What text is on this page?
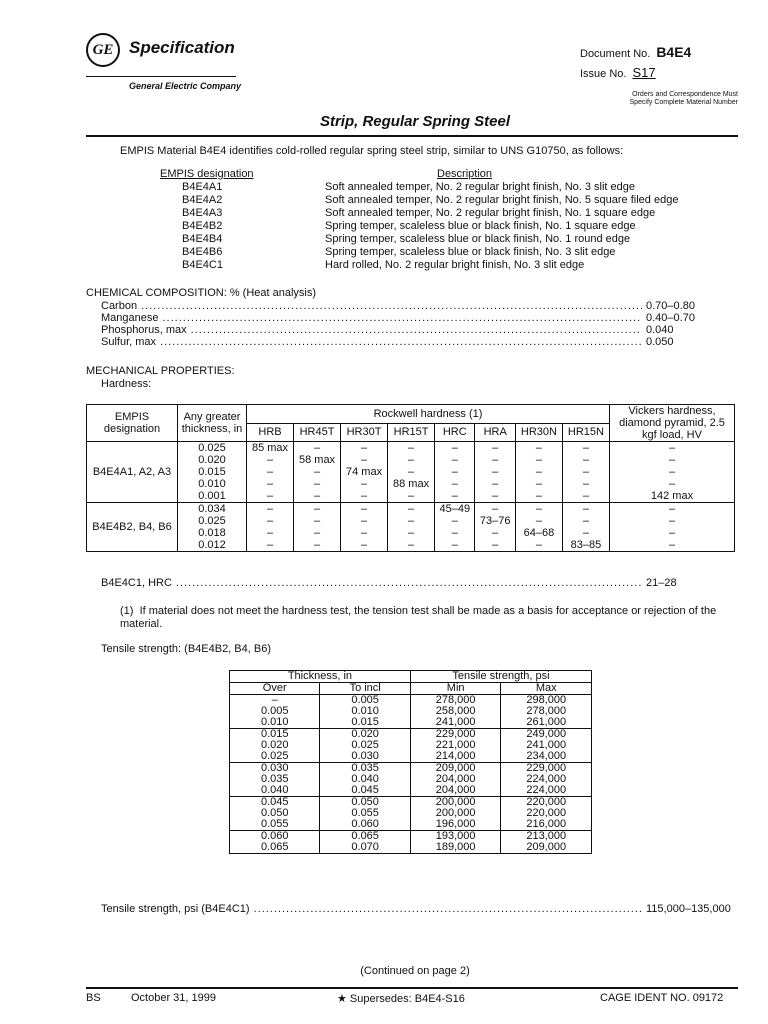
GE Specification
General Electric Company
Document No. B4E4
Issue No. S17
Orders and Correspondence Must
Specify Complete Material Number
Strip, Regular Spring Steel
EMPIS Material B4E4 identifies cold-rolled regular spring steel strip, similar to UNS G10750, as follows:
EMPIS designation	Description
B4E4A1	Soft annealed temper, No. 2 regular bright finish, No. 3 slit edge
B4E4A2	Soft annealed temper, No. 2 regular bright finish, No. 5 square filed edge
B4E4A3	Soft annealed temper, No. 2 regular bright finish, No. 1 square edge
B4E4B2	Spring temper, scaleless blue or black finish, No. 1 square edge
B4E4B4	Spring temper, scaleless blue or black finish, No. 1 round edge
B4E4B6	Spring temper, scaleless blue or black finish, No. 3 slit edge
B4E4C1	Hard rolled, No. 2 regular bright finish, No. 3 slit edge
CHEMICAL COMPOSITION: % (Heat analysis)
Carbon .....	0.70–0.80
Manganese .....	0.40–0.70
Phosphorus, max .....	0.040
Sulfur, max .....	0.050
MECHANICAL PROPERTIES:
Hardness:
EMPIS designation	Any greater thickness, in	Rockwell hardness (1)								Vickers hardness, diamond pyramid, 2.5 kgf load, HV
		HRB	HR45T	HR30T	HR15T	HRC	HRA	HR30N	HR15N	
B4E4A1, A2, A3	0.025	85 max	–	–	–	–	–	–	–	–
	0.020	–	58 max	–	–	–	–	–	–	–
	0.015	–	–	74 max	–	–	–	–	–	–
	0.010	–	–	–	88 max	–	–	–	–	–
	0.001	–	–	–	–	–	–	–	–	142 max
B4E4B2, B4, B6	0.034	–	–	–	–	45–49	–	–	–	–
	0.025	–	–	–	–	–	73–76	–	–	–
	0.018	–	–	–	–	–	–	64–68	–	–
	0.012	–	–	–	–	–	–	–	83–85	–
B4E4C1, HRC .....	21–28
(1) If material does not meet the hardness test, the tension test shall be made as a basis for acceptance or rejection of the material.
Tensile strength: (B4E4B2, B4, B6)
Thickness, in		Tensile strength, psi	
Over	To incl	Min	Max
–	0.005	278,000	298,000
0.005	0.010	258,000	278,000
0.010	0.015	241,000	261,000
0.015	0.020	229,000	249,000
0.020	0.025	221,000	241,000
0.025	0.030	214,000	234,000
0.030	0.035	209,000	229,000
0.035	0.040	204,000	224,000
0.040	0.045	204,000	224,000
0.045	0.050	200,000	220,000
0.050	0.055	200,000	220,000
0.055	0.060	196,000	216,000
0.060	0.065	193,000	213,000
0.065	0.070	189,000	209,000
Tensile strength, psi (B4E4C1) .....	115,000–135,000
(Continued on page 2)
BS	October 31, 1999	★ Supersedes: B4E4-S16	CAGE IDENT NO. 09172
